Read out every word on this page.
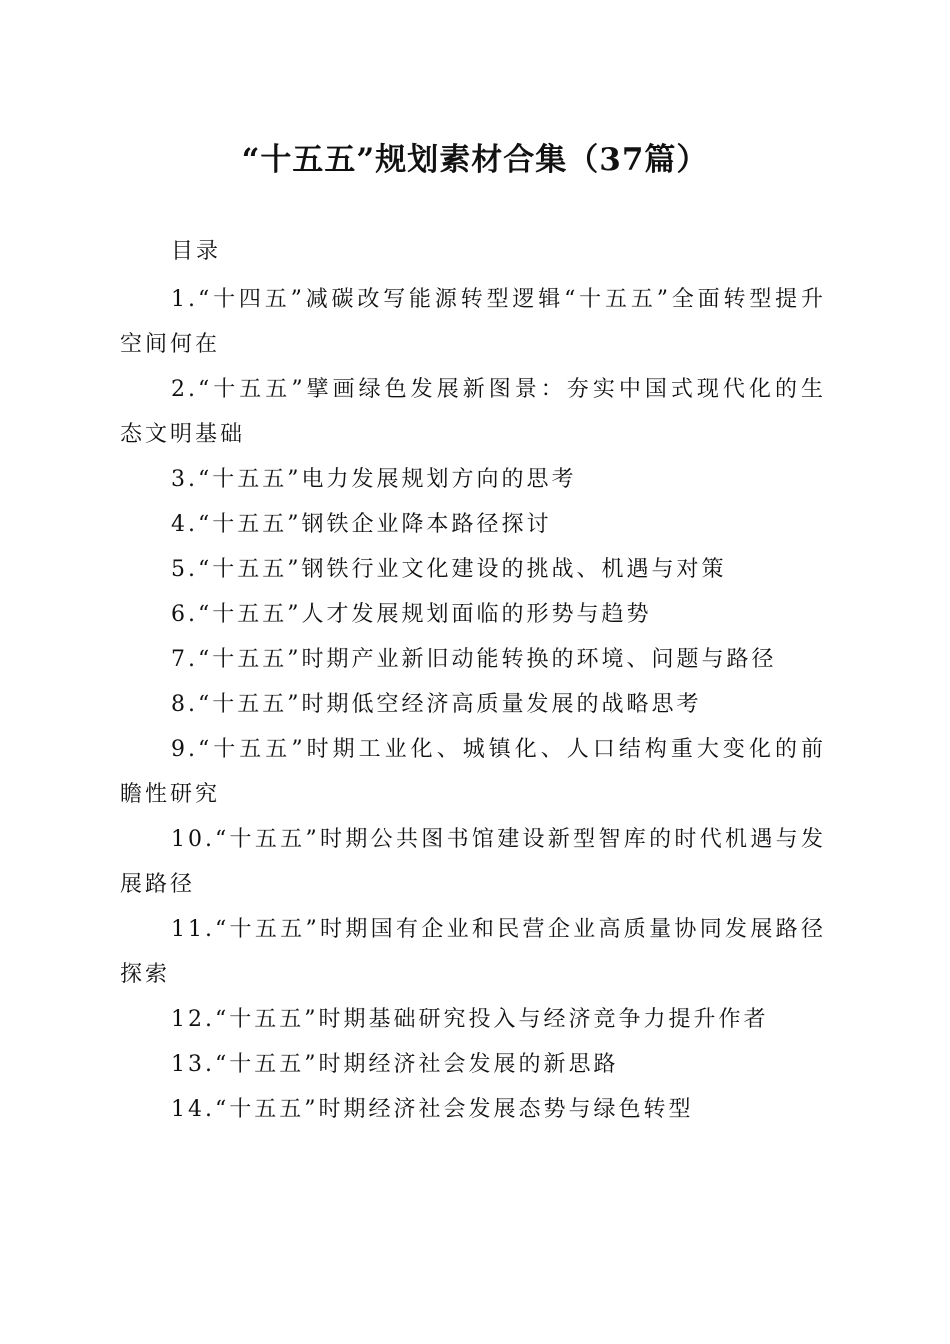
“十五五”规划素材合集（37篇）
目录
1.“十四五”减碳改写能源转型逻辑“十五五”全面转型提升空间何在
2.“十五五”擘画绿色发展新图景：夯实中国式现代化的生态文明基础
3.“十五五”电力发展规划方向的思考
4.“十五五”钢铁企业降本路径探讨
5.“十五五”钢铁行业文化建设的挑战、机遇与对策
6.“十五五”人才发展规划面临的形势与趋势
7.“十五五”时期产业新旧动能转换的环境、问题与路径
8.“十五五”时期低空经济高质量发展的战略思考
9.“十五五”时期工业化、城镇化、人口结构重大变化的前瞻性研究
10.“十五五”时期公共图书馆建设新型智库的时代机遇与发展路径
11.“十五五”时期国有企业和民营企业高质量协同发展路径探索
12.“十五五”时期基础研究投入与经济竞争力提升作者
13.“十五五”时期经济社会发展的新思路
14.“十五五”时期经济社会发展态势与绿色转型
